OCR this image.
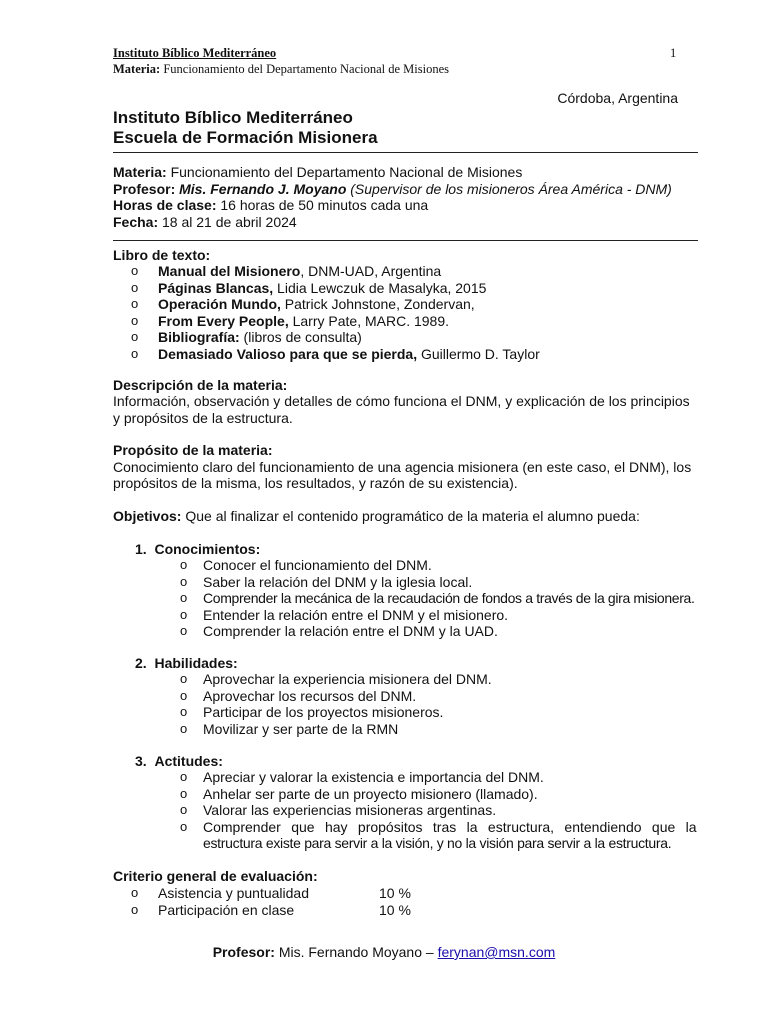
Instituto Bíblico Mediterráneo
Materia: Funcionamiento del Departamento Nacional de Misiones
1
Córdoba, Argentina
Instituto Bíblico Mediterráneo
Escuela de Formación Misionera
Materia: Funcionamiento del Departamento Nacional de Misiones
Profesor: Mis. Fernando J. Moyano (Supervisor de los misioneros Área América - DNM)
Horas de clase: 16 horas de 50 minutos cada una
Fecha: 18 al 21 de abril 2024
Libro de texto:
o Manual del Misionero, DNM-UAD, Argentina
o Páginas Blancas, Lidia Lewczuk de Masalyka, 2015
o Operación Mundo, Patrick Johnstone, Zondervan,
o From Every People, Larry Pate, MARC. 1989.
o Bibliografía: (libros de consulta)
o Demasiado Valioso para que se pierda, Guillermo D. Taylor
Descripción de la materia:
Información, observación y detalles de cómo funciona el DNM, y explicación de los principios
y propósitos de la estructura.
Propósito de la materia:
Conocimiento claro del funcionamiento de una agencia misionera (en este caso, el DNM), los
propósitos de la misma, los resultados, y razón de su existencia).
Objetivos: Que al finalizar el contenido programático de la materia el alumno pueda:
1. Conocimientos:
o Conocer el funcionamiento del DNM.
o Saber la relación del DNM y la iglesia local.
o Comprender la mecánica de la recaudación de fondos a través de la gira misionera.
o Entender la relación entre el DNM y el misionero.
o Comprender la relación entre el DNM y la UAD.
2. Habilidades:
o Aprovechar la experiencia misionera del DNM.
o Aprovechar los recursos del DNM.
o Participar de los proyectos misioneros.
o Movilizar y ser parte de la RMN
3. Actitudes:
o Apreciar y valorar la existencia e importancia del DNM.
o Anhelar ser parte de un proyecto misionero (llamado).
o Valorar las experiencias misioneras argentinas.
o Comprender que hay propósitos tras la estructura, entendiendo que la
estructura existe para servir a la visión, y no la visión para servir a la estructura.
Criterio general de evaluación:
o Asistencia y puntualidad	10 %
o Participación en clase	10 %
Profesor: Mis. Fernando Moyano – ferynan@msn.com
